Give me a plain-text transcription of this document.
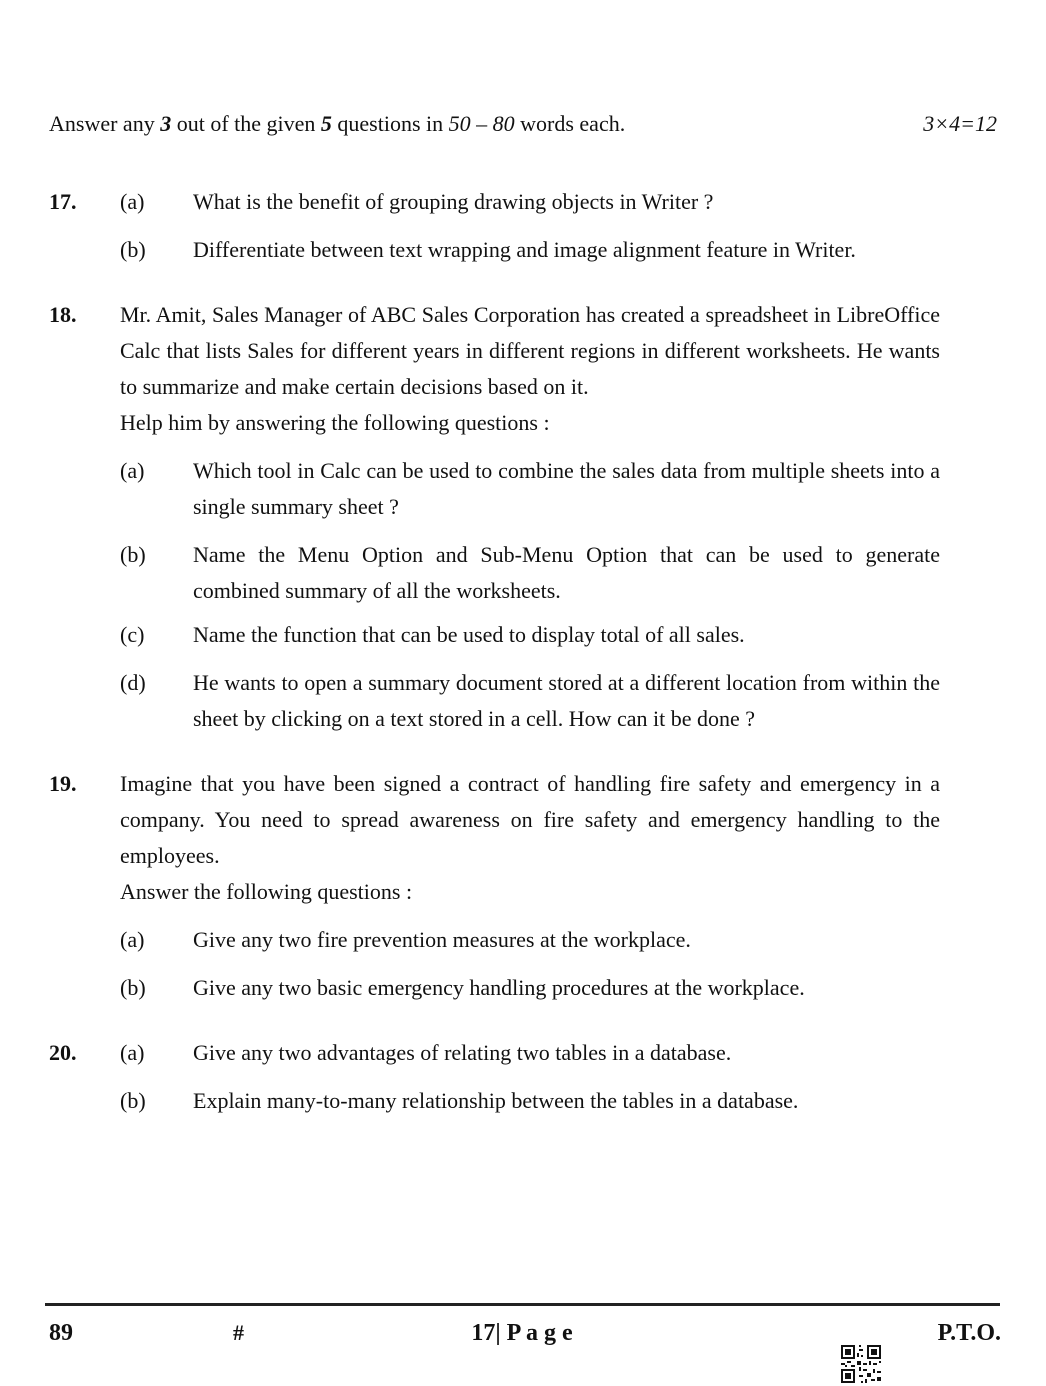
Answer any 3 out of the given 5 questions in 50 – 80 words each.	3×4=12
17.	(a)	What is the benefit of grouping drawing objects in Writer ?
(b)	Differentiate between text wrapping and image alignment feature in Writer.
18.	Mr. Amit, Sales Manager of ABC Sales Corporation has created a spreadsheet in LibreOffice Calc that lists Sales for different years in different regions in different worksheets. He wants to summarize and make certain decisions based on it.

Help him by answering the following questions :

(a)	Which tool in Calc can be used to combine the sales data from multiple sheets into a single summary sheet ?
(b)	Name the Menu Option and Sub-Menu Option that can be used to generate combined summary of all the worksheets.
(c)	Name the function that can be used to display total of all sales.
(d)	He wants to open a summary document stored at a different location from within the sheet by clicking on a text stored in a cell. How can it be done ?
19.	Imagine that you have been signed a contract of handling fire safety and emergency in a company. You need to spread awareness on fire safety and emergency handling to the employees.

Answer the following questions :

(a)	Give any two fire prevention measures at the workplace.
(b)	Give any two basic emergency handling procedures at the workplace.
20.	(a)	Give any two advantages of relating two tables in a database.
(b)	Explain many-to-many relationship between the tables in a database.
89	#	17| P a g e

	P.T.O.
